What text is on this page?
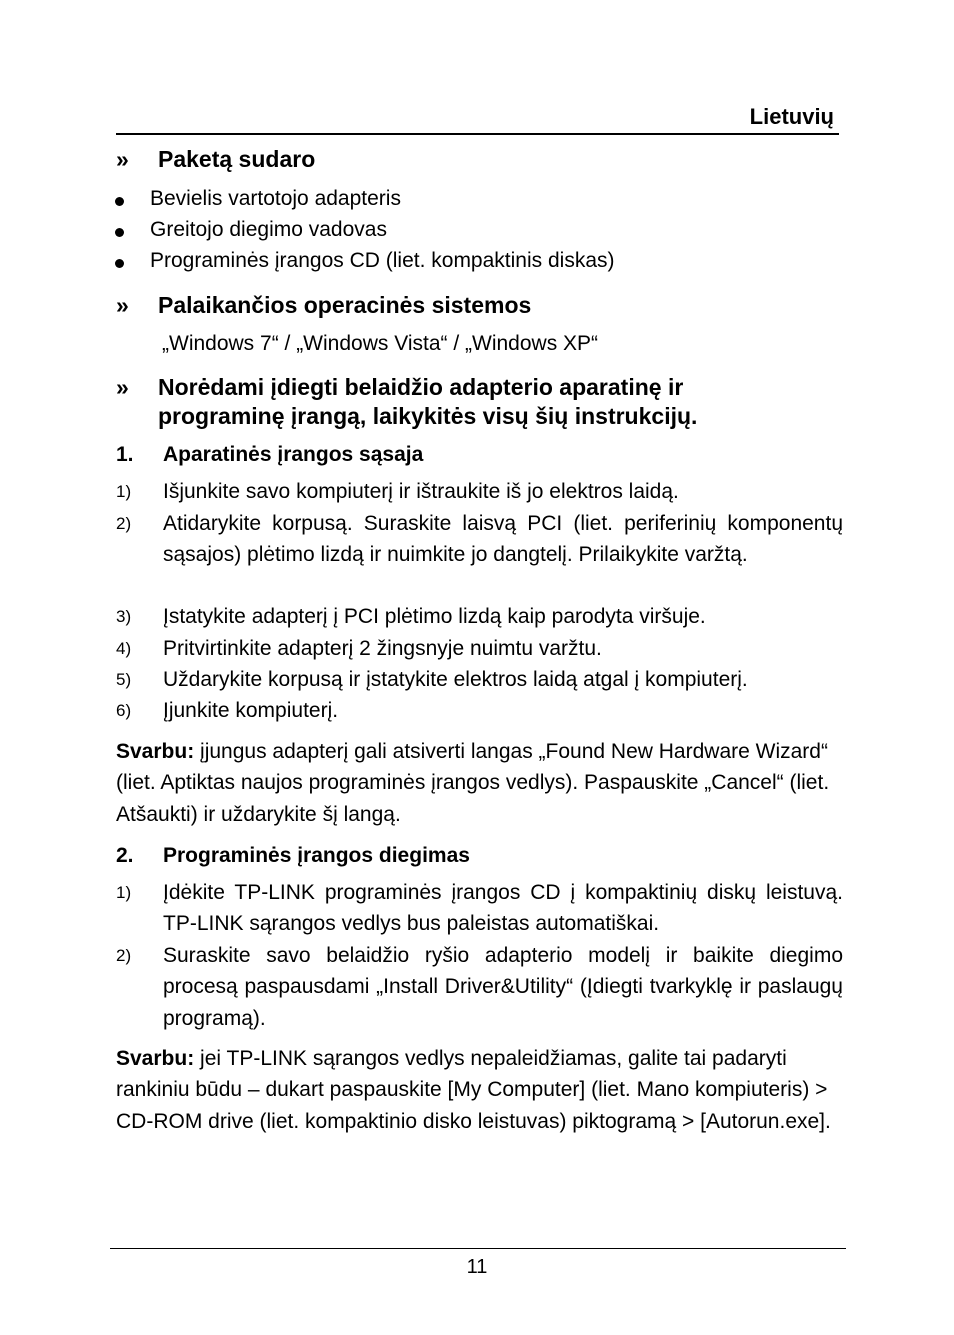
Lietuvių
» Paketą sudaro
Bevielis vartotojo adapteris
Greitojo diegimo vadovas
Programinės įrangos CD (liet. kompaktinis diskas)
» Palaikančios operacinės sistemos
„Windows 7“ / „Windows Vista“ / „Windows XP“
» Norėdami įdiegti belaidžio adapterio aparatinę ir programinę įrangą, laikykitės visų šių instrukcijų.
1. Aparatinės įrangos sąsaja
1) Išjunkite savo kompiuterį ir ištraukite iš jo elektros laidą.
2) Atidarykite korpusą. Suraskite laisvą PCI (liet. periferinių komponentų sąsajos) plėtimo lizdą ir nuimkite jo dangtelį. Prilaikykite varžtą.
3) Įstatykite adapterį į PCI plėtimo lizdą kaip parodyta viršuje.
4) Pritvirtinkite adapterį 2 žingsnyje nuimtu varžtu.
5) Uždarykite korpusą ir įstatykite elektros laidą atgal į kompiuterį.
6) Įjunkite kompiuterį.
Svarbu: įjungus adapterį gali atsiverti langas „Found New Hardware Wizard“ (liet. Aptiktas naujos programinės įrangos vedlys). Paspauskite „Cancel“ (liet. Atšaukti) ir uždarykite šį langą.
2. Programinės įrangos diegimas
1) Įdėkite TP-LINK programinės įrangos CD į kompaktinių diskų leistuvą. TP-LINK sąrangos vedlys bus paleistas automatiškai.
2) Suraskite savo belaidžio ryšio adapterio modelį ir baikite diegimo procesą paspausdami „Install Driver&Utility“ (Įdiegti tvarkyklę ir paslaugų programą).
Svarbu: jei TP-LINK sąrangos vedlys nepaleidžiamas, galite tai padaryti rankiniu būdu – dukart paspauskite [My Computer] (liet. Mano kompiuteris) > CD-ROM drive (liet. kompaktinio disko leistuvas) piktogramą > [Autorun.exe].
11
